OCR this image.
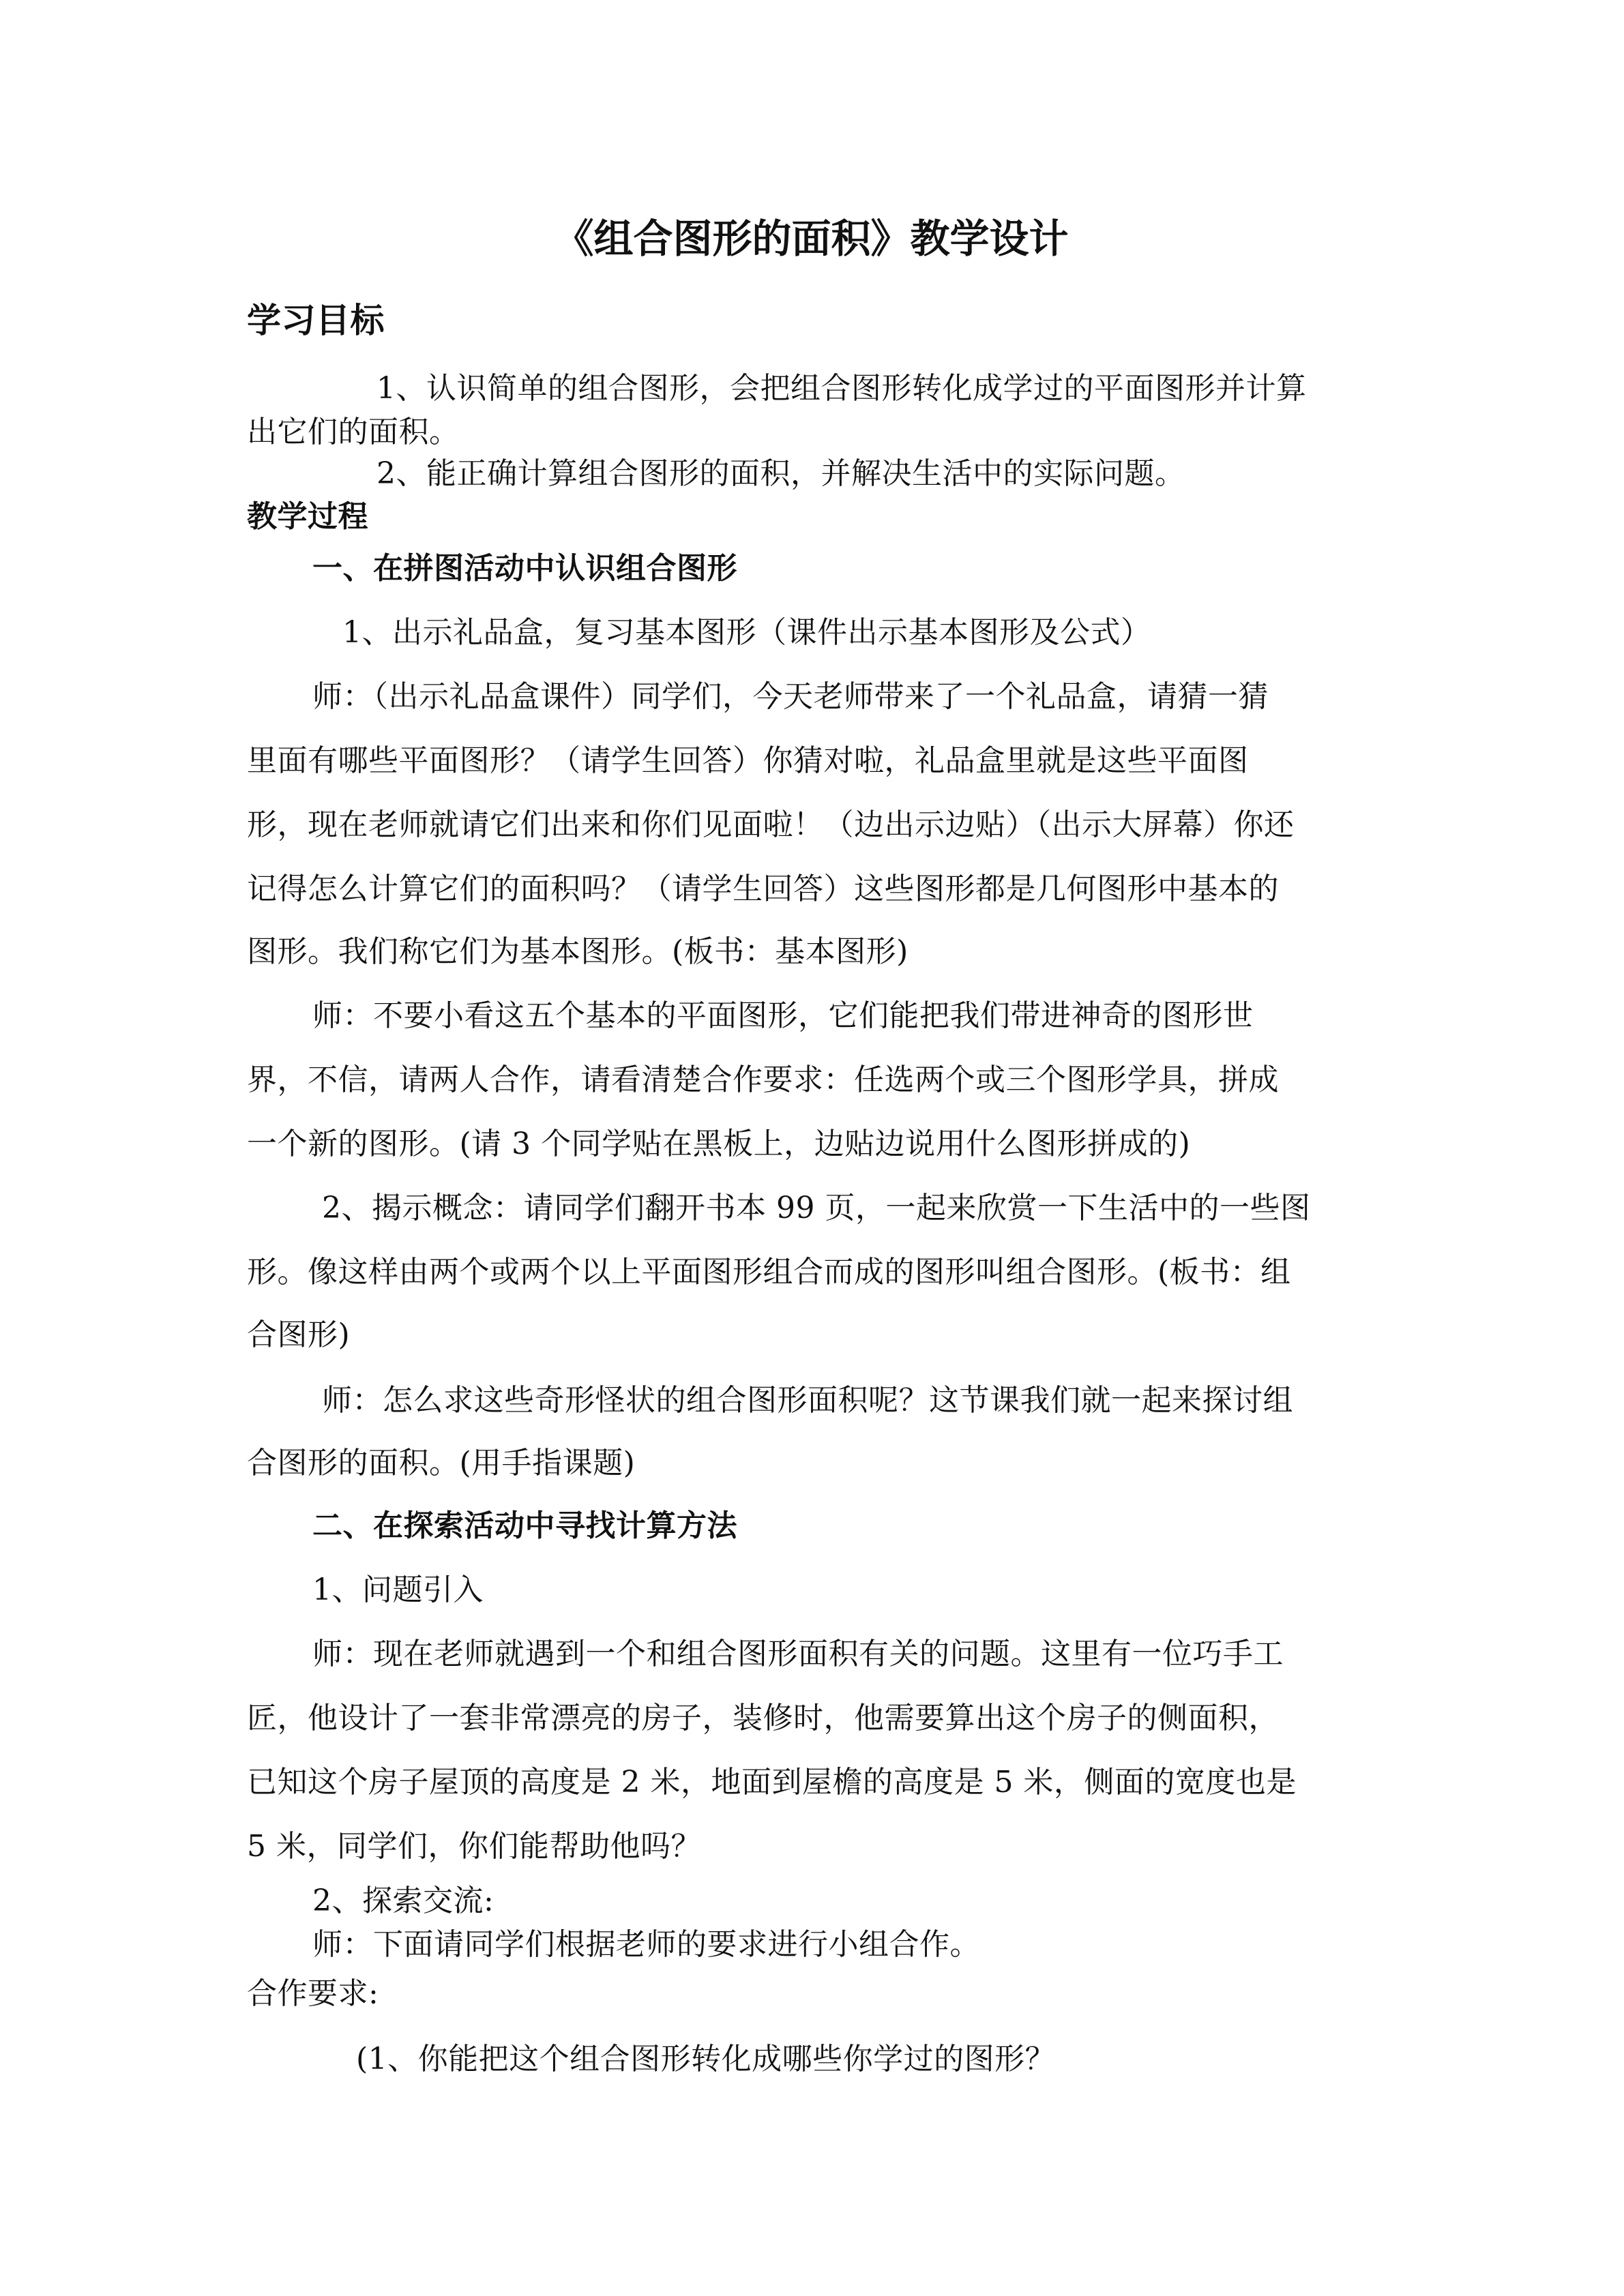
《组合图形的面积》教学设计
学习目标
1、认识简单的组合图形，会把组合图形转化成学过的平面图形并计算
出它们的面积。
2、能正确计算组合图形的面积，并解决生活中的实际问题。
教学过程
一、在拼图活动中认识组合图形
1、出示礼品盒，复习基本图形（课件出示基本图形及公式）
师：（出示礼品盒课件）同学们，今天老师带来了一个礼品盒，请猜一猜
里面有哪些平面图形？（请学生回答）你猜对啦，礼品盒里就是这些平面图
形，现在老师就请它们出来和你们见面啦！（边出示边贴）（出示大屏幕）你还
记得怎么计算它们的面积吗？（请学生回答）这些图形都是几何图形中基本的
图形。我们称它们为基本图形。(板书：基本图形)
师：不要小看这五个基本的平面图形，它们能把我们带进神奇的图形世
界，不信，请两人合作，请看清楚合作要求：任选两个或三个图形学具，拼成
一个新的图形。(请 3 个同学贴在黑板上，边贴边说用什么图形拼成的)
2、揭示概念：请同学们翻开书本 99 页，一起来欣赏一下生活中的一些图
形。像这样由两个或两个以上平面图形组合而成的图形叫组合图形。(板书：组
合图形)
师：怎么求这些奇形怪状的组合图形面积呢？这节课我们就一起来探讨组
合图形的面积。(用手指课题)
二、在探索活动中寻找计算方法
1、问题引入
师：现在老师就遇到一个和组合图形面积有关的问题。这里有一位巧手工
匠，他设计了一套非常漂亮的房子，装修时，他需要算出这个房子的侧面积，
已知这个房子屋顶的高度是 2 米，地面到屋檐的高度是 5 米，侧面的宽度也是
5 米，同学们，你们能帮助他吗？
2、探索交流:
师：下面请同学们根据老师的要求进行小组合作。
合作要求:
(1、你能把这个组合图形转化成哪些你学过的图形？
